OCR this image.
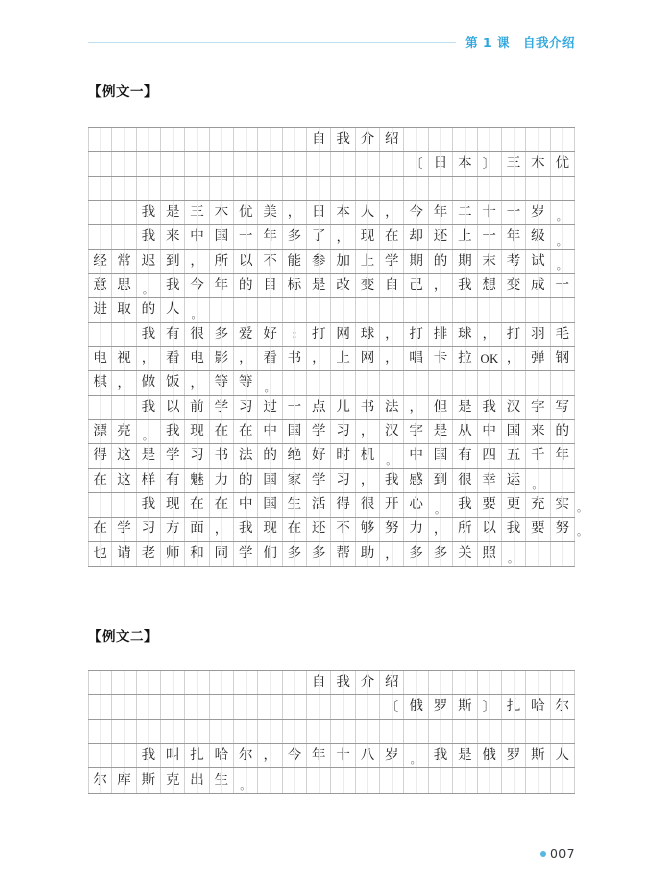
第 1 课　自我介绍
【例文一】
自 我 介 绍
〔 日 本 〕 三 木 优
我 是 三 木 优 美 ， 日 本 人 ， 今 年 二 十 一 岁	。
我 来 中 国 一 年 多 了 ， 现 在 却 还 上 一 年 级	。
经 常 迟 到 ， 所 以 不 能 参 加 上 学 期 的 期 末 考 试	。
意 思	。 我 今 年 的 目 标 是 改 变 自 己 ， 我 想 变 成 一
进 取 的 人	。
我 有 很 多 爱 好	:	打 网 球 ， 打 排 球 ， 打 羽 毛
电 视 ， 看 电 影 ， 看 书 ， 上 网 ， 唱 卡 拉 OK ， 弹 钢
棋 ， 做 饭 ， 等 等	。
我 以 前 学 习 过 一 点 儿 书 法 ， 但 是 我 汉 字 写
漂 亮	。 我 现 在 在 中 国 学 习 ， 汉 字 是 从 中 国 来 的
得 这 是 学 习 书 法 的 绝 好 时 机	。 中 国 有 四 五 千 年
在 这 样 有 魅 力 的 国 家 学 习 ， 我 感 到 很 幸 运	。
我 现 在 在 中 国 生 活 得 很 开 心	。 我 要 更 充 实 。
在 学 习 方 面 ， 我 现 在 还 不 够 努 力 ， 所 以 我 要 努 。
也 请 老 师 和 同 学 们 多 多 帮 助 ， 多 多 关 照	。
【例文二】
自 我 介 绍
〔 俄 罗 斯 〕 扎 哈 尔
我 叫 扎 哈 尔 ， 今 年 十 八 岁	。 我 是 俄 罗 斯 人
尔 库 斯 克 出 生	。
007
